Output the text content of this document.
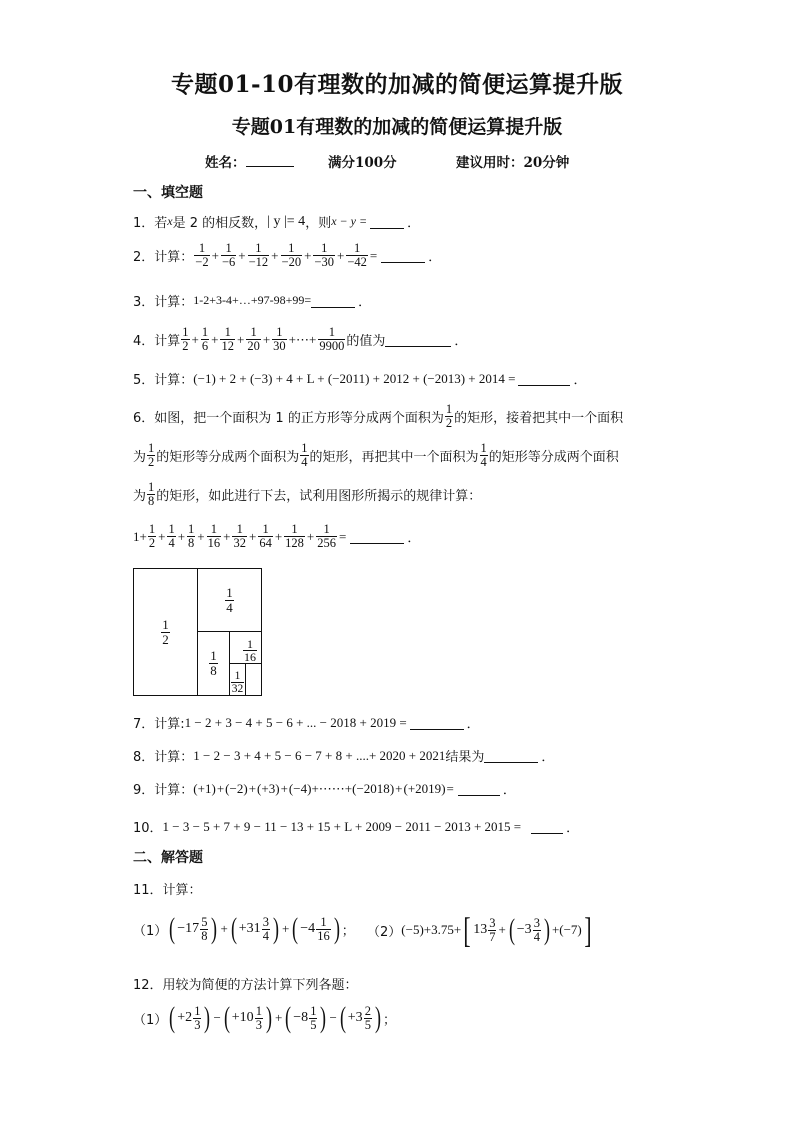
专题01-10有理数的加减的简便运算提升版
专题01有理数的加减的简便运算提升版
姓名：	满分100分	建议用时：20分钟
一、填空题
1． 若 x 是 2 的相反数， | y |= 4 ，则 x − y =	．
2． 计算： $\frac{1}{-2} + \frac{1}{-6} + \frac{1}{-12} + \frac{1}{-20} + \frac{1}{-30} + \frac{1}{-42}$ =	．
3． 计算： 1-2+3-4+…+97-98+99=	．
4． 计算 $\frac{1}{2} + \frac{1}{6} + \frac{1}{12} + \frac{1}{20} + \frac{1}{30}$ +⋯+ $\frac{1}{9900}$ 的值为	．
5． 计算： (−1) + 2 + (−3) + 4 + L + (−2011) + 2012 + (−2013) + 2014 =	．
6． 如图，把一个面积为 1 的正方形等分成两个面积为 $\frac{1}{2}$ 的矩形，接着把其中一个面积
为 $\frac{1}{2}$ 的矩形等分成两个面积为 $\frac{1}{4}$ 的矩形，再把其中一个面积为 $\frac{1}{4}$ 的矩形等分成两个面积
为 $\frac{1}{8}$ 的矩形，如此进行下去，试利用图形所揭示的规律计算：
$1+ \frac{1}{2} + \frac{1}{4} + \frac{1}{8} + \frac{1}{16} + \frac{1}{32} + \frac{1}{64} + \frac{1}{128} + \frac{1}{256}$ =	．
$\frac{1}{2}$
$\frac{1}{4}$
$\frac{1}{8} \frac{1}{16}$
$\frac{1}{32}$
7． 计算: 1 − 2 + 3 − 4 + 5 − 6 + ... − 2018 + 2019 =	．
8． 计算： 1 − 2 − 3 + 4 + 5 − 6 − 7 + 8 + ....+ 2020 + 2021 结果为	．
9． 计算： (+1)+(−2)+(+3)+(−4)+⋯⋯+(−2018)+(+2019)=	．
10． 1 − 3 − 5 + 7 + 9 − 11 − 13 + 15 + L + 2009 − 2011 − 2013 + 2015 =	．
二、解答题
11． 计算：
（1） ( $-17 \frac{5}{8}$ ) + ( $+31 \frac{3}{4}$ ) + ( $-4 \frac{1}{16}$ ) ； （2） (−5)+3.75+ [ $13 \frac{3}{7}$ + ( $-3 \frac{3}{4}$ ) +(−7) ]
12． 用较为简便的方法计算下列各题：
（1） ( $+2 \frac{1}{3}$ ) − ( $+10 \frac{1}{3}$ ) + ( $-8 \frac{1}{5}$ ) − ( $+3 \frac{2}{5}$ ) ；
